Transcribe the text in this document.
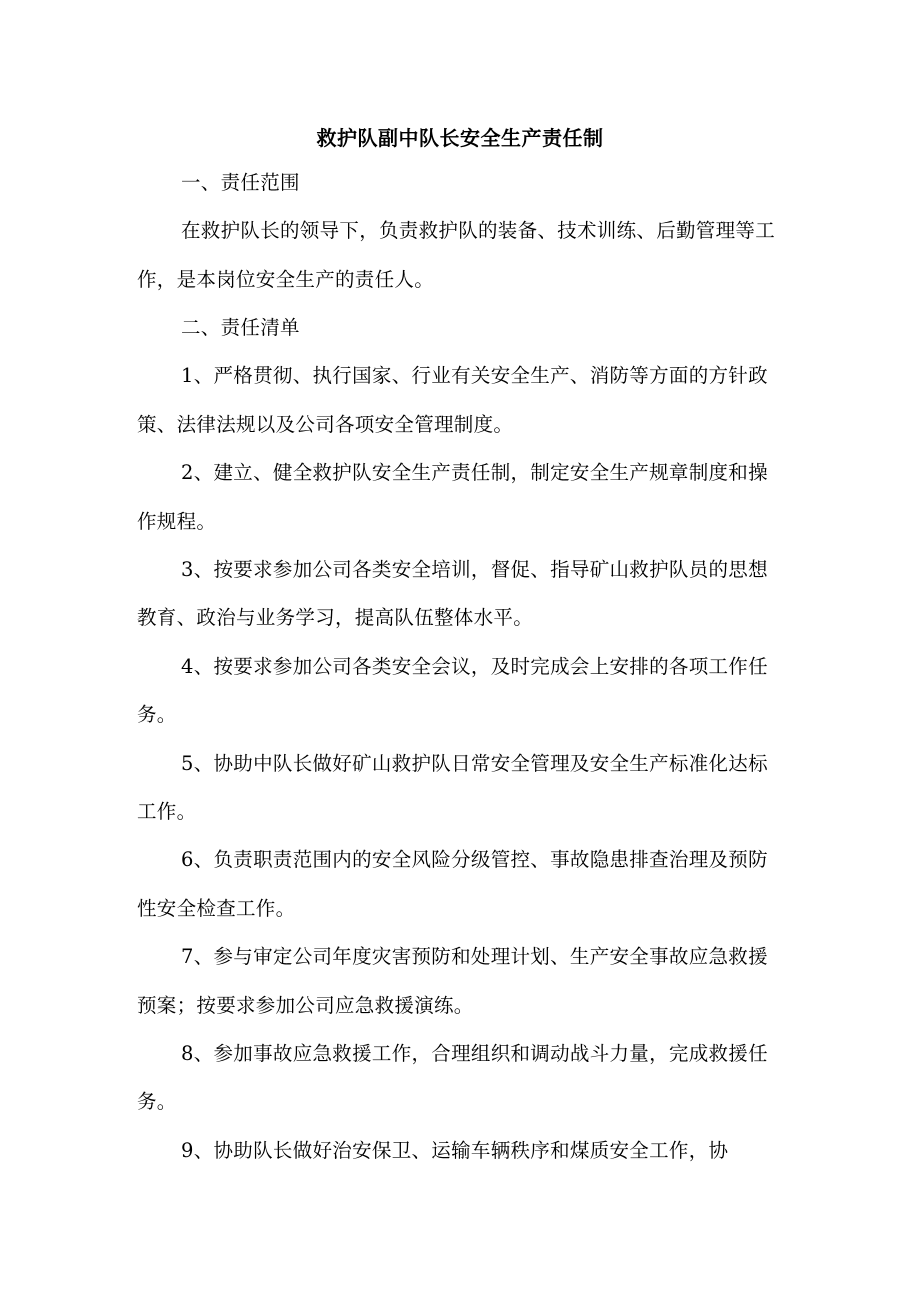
救护队副中队长安全生产责任制
一、责任范围
在救护队长的领导下，负责救护队的装备、技术训练、后勤管理等工
作，是本岗位安全生产的责任人。
二、责任清单
1、严格贯彻、执行国家、行业有关安全生产、消防等方面的方针政
策、法律法规以及公司各项安全管理制度。
2、建立、健全救护队安全生产责任制，制定安全生产规章制度和操
作规程。
3、按要求参加公司各类安全培训，督促、指导矿山救护队员的思想
教育、政治与业务学习，提高队伍整体水平。
4、按要求参加公司各类安全会议，及时完成会上安排的各项工作任
务。
5、协助中队长做好矿山救护队日常安全管理及安全生产标准化达标
工作。
6、负责职责范围内的安全风险分级管控、事故隐患排查治理及预防
性安全检查工作。
7、参与审定公司年度灾害预防和处理计划、生产安全事故应急救援
预案；按要求参加公司应急救援演练。
8、参加事故应急救援工作，合理组织和调动战斗力量，完成救援任
务。
9、协助队长做好治安保卫、运输车辆秩序和煤质安全工作，协
